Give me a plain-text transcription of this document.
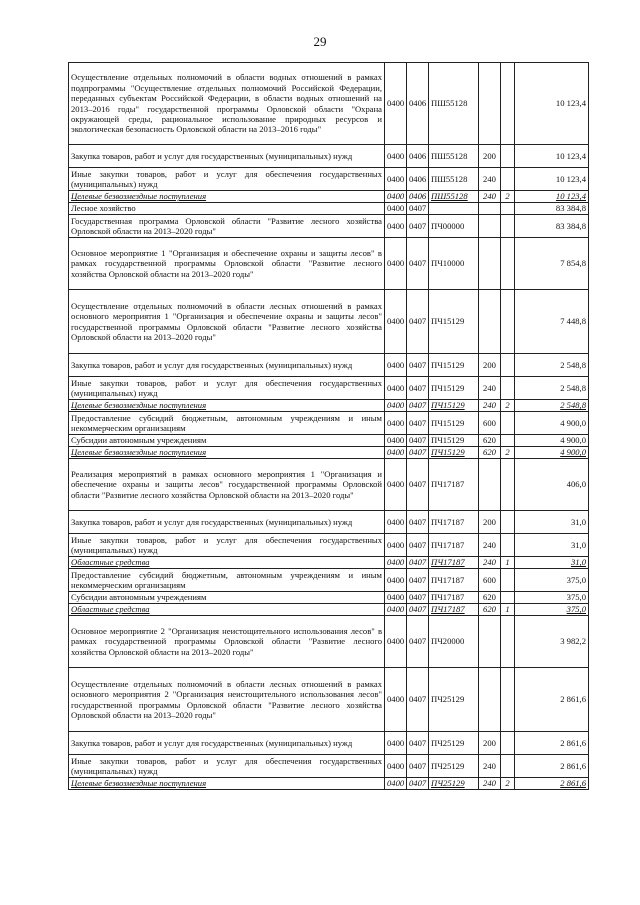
29
Осуществление отдельных полномочий в области водных отношений в рамках подпрограммы "Осуществление отдельных полномочий Российской Федерации, переданных субъектам Российской Федерации, в области водных отношений на 2013–2016 годы" государственной программы Орловской области "Охрана окружающей среды, рациональное использование природных ресурсов и экологическая безопасность Орловской области на 2013–2016 годы"	0400	0406	ПШ55128			10 123,4
Закупка товаров, работ и услуг для государственных (муниципальных) нужд	0400	0406	ПШ55128	200		10 123,4
Иные закупки товаров, работ и услуг для обеспечения государственных (муниципальных) нужд	0400	0406	ПШ55128	240		10 123,4
Целевые безвозмездные поступления	0400	0406	ПШ55128	240	2	10 123,4
Лесное хозяйство	0400	0407				83 384,8
Государственная программа Орловской области "Развитие лесного хозяйства Орловской области на 2013–2020 годы"	0400	0407	ПЧ00000			83 384,8
Основное мероприятие 1 "Организация и обеспечение охраны и защиты лесов" в рамках государственной программы Орловской области "Развитие лесного хозяйства Орловской области на 2013–2020 годы"	0400	0407	ПЧ10000			7 854,8
Осуществление отдельных полномочий в области лесных отношений в рамках основного мероприятия 1 "Организация и обеспечение охраны и защиты лесов" государственной программы Орловской области "Развитие лесного хозяйства Орловской области на 2013–2020 годы"	0400	0407	ПЧ15129			7 448,8
Закупка товаров, работ и услуг для государственных (муниципальных) нужд	0400	0407	ПЧ15129	200		2 548,8
Иные закупки товаров, работ и услуг для обеспечения государственных (муниципальных) нужд	0400	0407	ПЧ15129	240		2 548,8
Целевые безвозмездные поступления	0400	0407	ПЧ15129	240	2	2 548,8
Предоставление субсидий бюджетным, автономным учреждениям и иным некоммерческим организациям	0400	0407	ПЧ15129	600		4 900,0
Субсидии автономным учреждениям	0400	0407	ПЧ15129	620		4 900,0
Целевые безвозмездные поступления	0400	0407	ПЧ15129	620	2	4 900,0
Реализация мероприятий в рамках основного мероприятия 1 "Организация и обеспечение охраны и защиты лесов" государственной программы Орловской области "Развитие лесного хозяйства Орловской области на 2013–2020 годы"	0400	0407	ПЧ17187			406,0
Закупка товаров, работ и услуг для государственных (муниципальных) нужд	0400	0407	ПЧ17187	200		31,0
Иные закупки товаров, работ и услуг для обеспечения государственных (муниципальных) нужд	0400	0407	ПЧ17187	240		31,0
Областные средства	0400	0407	ПЧ17187	240	1	31,0
Предоставление субсидий бюджетным, автономным учреждениям и иным некоммерческим организациям	0400	0407	ПЧ17187	600		375,0
Субсидии автономным учреждениям	0400	0407	ПЧ17187	620		375,0
Областные средства	0400	0407	ПЧ17187	620	1	375,0
Основное мероприятие 2 "Организация неистощительного использования лесов" в рамках государственной программы Орловской области "Развитие лесного хозяйства Орловской области на 2013–2020 годы"	0400	0407	ПЧ20000			3 982,2
Осуществление отдельных полномочий в области лесных отношений в рамках основного мероприятия 2 "Организация неистощительного использования лесов" государственной программы Орловской области "Развитие лесного хозяйства Орловской области на 2013–2020 годы"	0400	0407	ПЧ25129			2 861,6
Закупка товаров, работ и услуг для государственных (муниципальных) нужд	0400	0407	ПЧ25129	200		2 861,6
Иные закупки товаров, работ и услуг для обеспечения государственных (муниципальных) нужд	0400	0407	ПЧ25129	240		2 861,6
Целевые безвозмездные поступления	0400	0407	ПЧ25129	240	2	2 861,6
